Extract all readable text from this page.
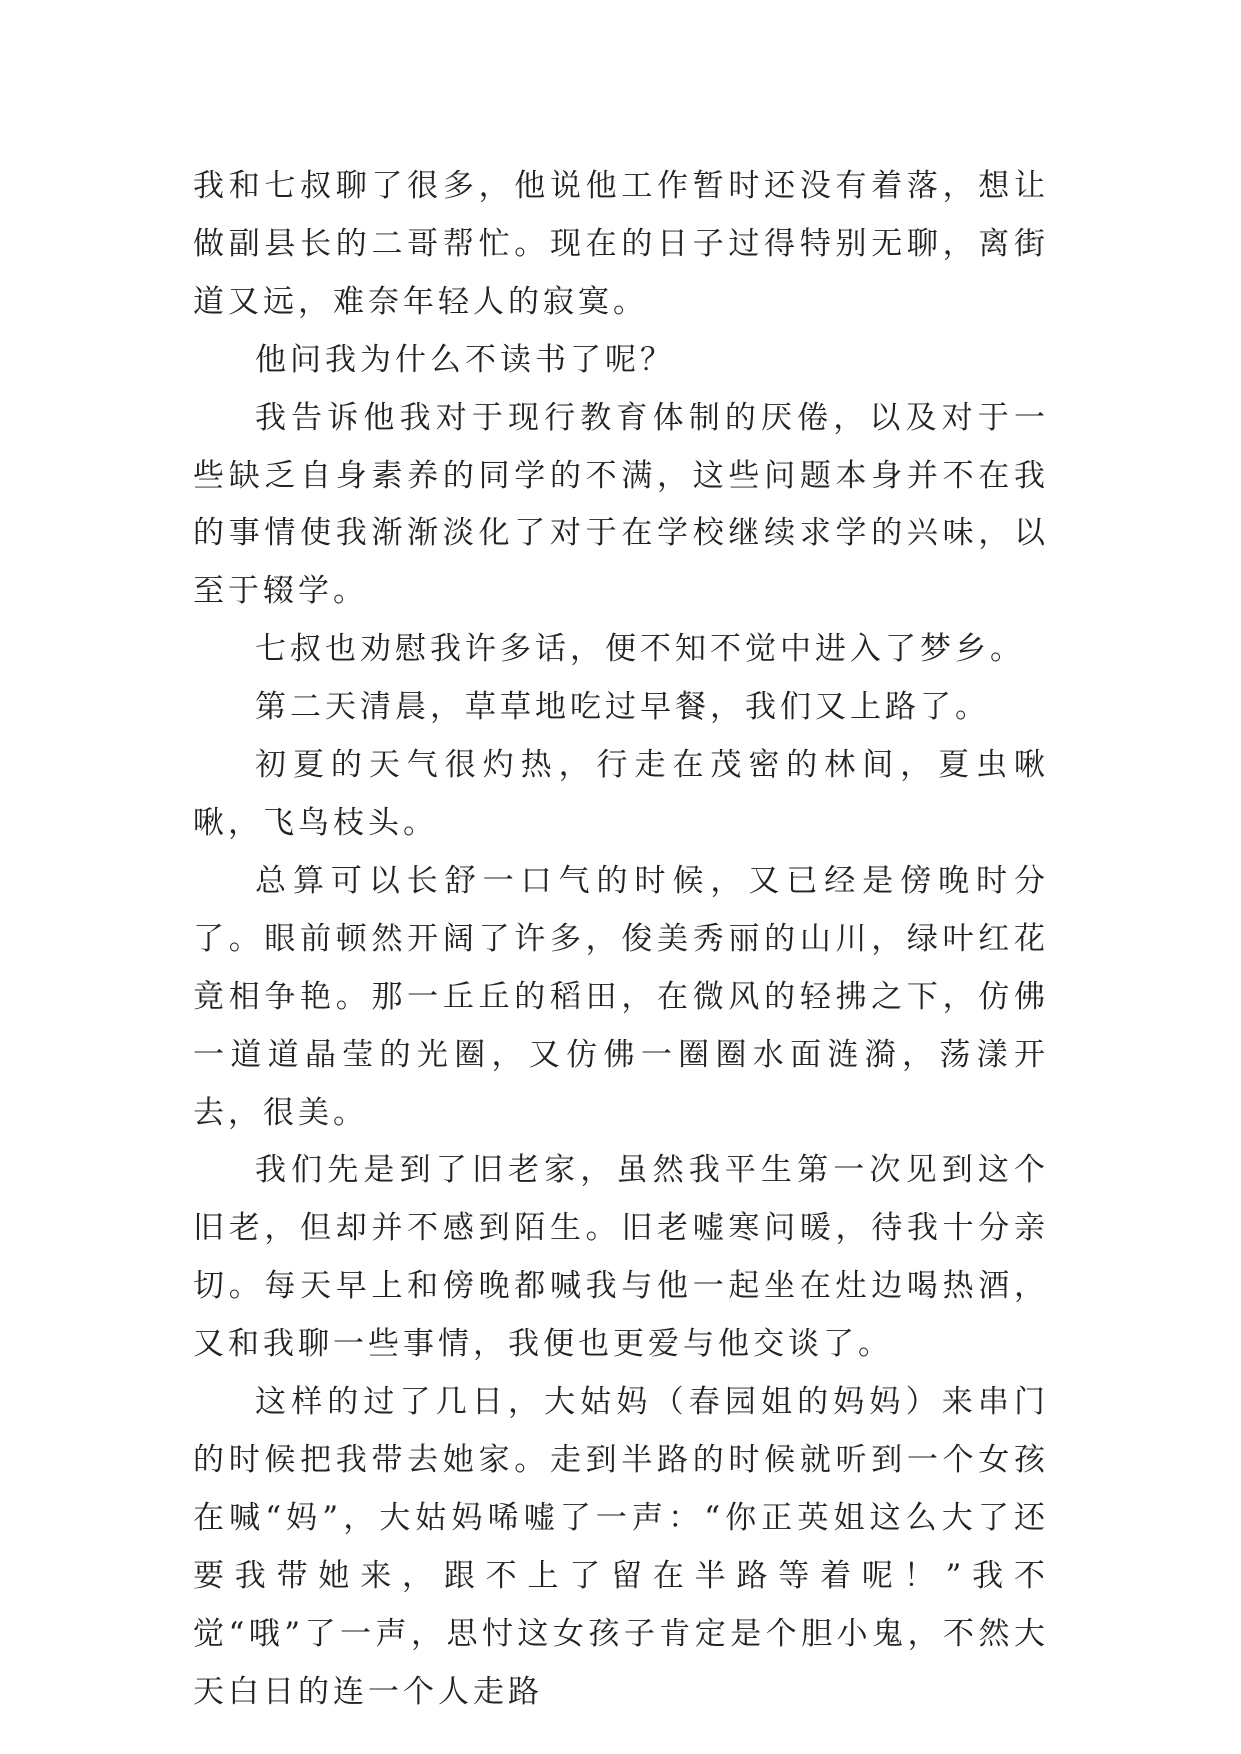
我和七叔聊了很多，他说他工作暂时还没有着落，想让做副县长的二哥帮忙。现在的日子过得特别无聊，离街道又远，难奈年轻人的寂寞。

他问我为什么不读书了呢？

我告诉他我对于现行教育体制的厌倦，以及对于一些缺乏自身素养的同学的不满，这些问题本身并不在我的事情使我渐渐淡化了对于在学校继续求学的兴味，以至于辍学。

七叔也劝慰我许多话，便不知不觉中进入了梦乡。

第二天清晨，草草地吃过早餐，我们又上路了。

初夏的天气很灼热，行走在茂密的林间，夏虫啾啾，飞鸟枝头。

总算可以长舒一口气的时候，又已经是傍晚时分了。眼前顿然开阔了许多，俊美秀丽的山川，绿叶红花竟相争艳。那一丘丘的稻田，在微风的轻拂之下，仿佛一道道晶莹的光圈，又仿佛一圈圈水面涟漪，荡漾开去，很美。

我们先是到了旧老家，虽然我平生第一次见到这个旧老，但却并不感到陌生。旧老嘘寒问暖，待我十分亲切。每天早上和傍晚都喊我与他一起坐在灶边喝热酒，又和我聊一些事情，我便也更爱与他交谈了。

这样的过了几日，大姑妈（春园姐的妈妈）来串门的时候把我带去她家。走到半路的时候就听到一个女孩在喊“妈”，大姑妈唏嘘了一声：“你正英姐这么大了还要我带她来，跟不上了留在半路等着呢！”我不觉“哦”了一声，思忖这女孩子肯定是个胆小鬼，不然大天白日的连一个人走路
